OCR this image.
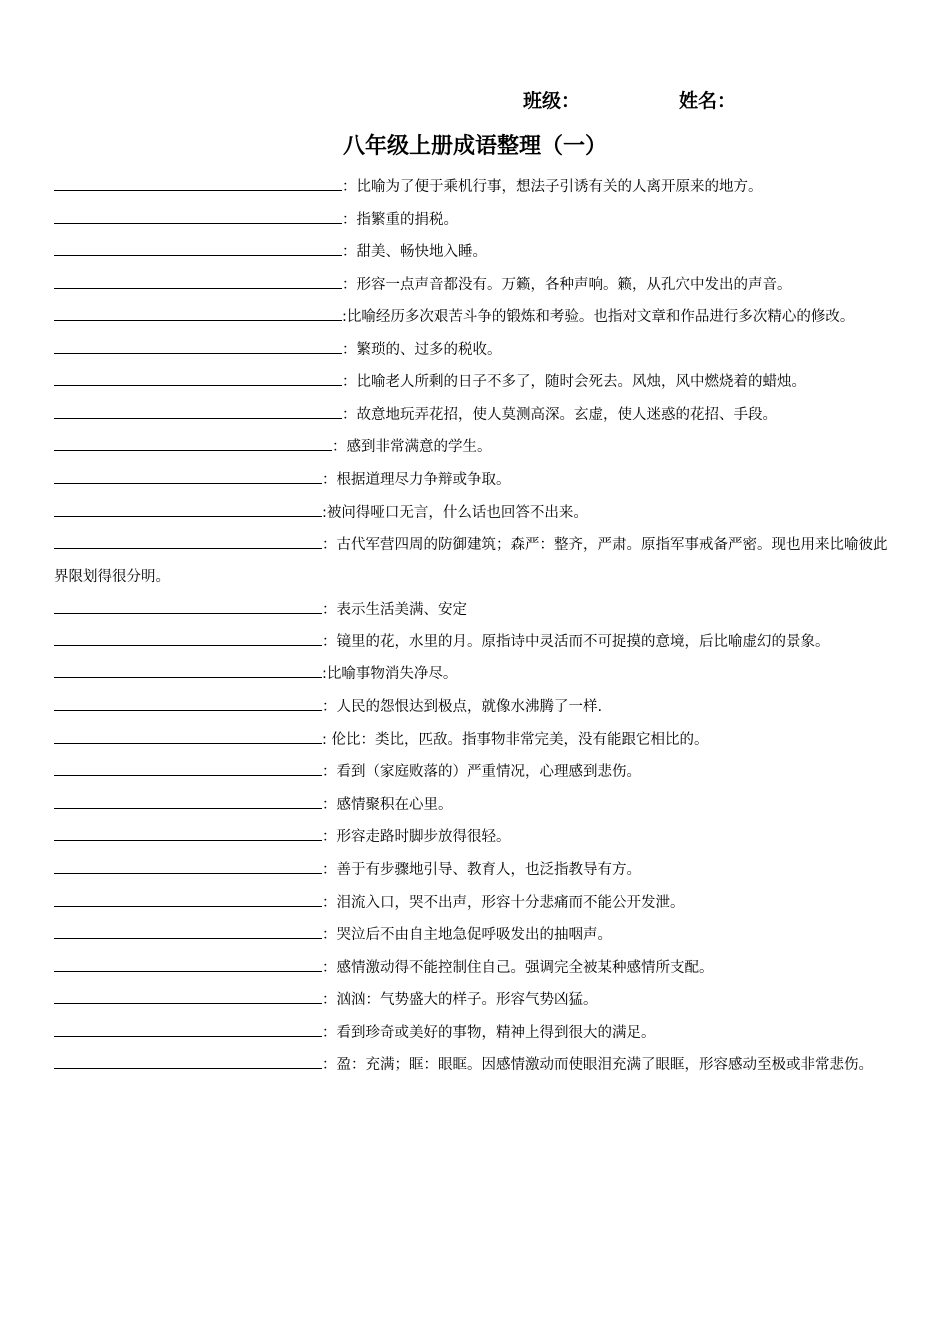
班级：	姓名：
八年级上册成语整理（一）
：比喻为了便于乘机行事，想法子引诱有关的人离开原来的地方。
：指繁重的捐税。
：甜美、畅快地入睡。
：形容一点声音都没有。万籁，各种声响。籁，从孔穴中发出的声音。
:比喻经历多次艰苦斗争的锻炼和考验。也指对文章和作品进行多次精心的修改。
：繁琐的、过多的税收。
：比喻老人所剩的日子不多了，随时会死去。风烛，风中燃烧着的蜡烛。
：故意地玩弄花招，使人莫测高深。玄虚，使人迷惑的花招、手段。
：感到非常满意的学生。
：根据道理尽力争辩或争取。
:被问得哑口无言，什么话也回答不出来。
：古代军营四周的防御建筑；森严：整齐，严肃。原指军事戒备严密。现也用来比喻彼此界限划得很分明。
：表示生活美满、安定
：镜里的花，水里的月。原指诗中灵活而不可捉摸的意境，后比喻虚幻的景象。
:比喻事物消失净尽。
：人民的怨恨达到极点，就像水沸腾了一样.
: 伦比：类比，匹敌。指事物非常完美，没有能跟它相比的。
：看到（家庭败落的）严重情况，心理感到悲伤。
：感情聚积在心里。
：形容走路时脚步放得很轻。
：善于有步骤地引导、教育人，也泛指教导有方。
：泪流入口，哭不出声，形容十分悲痛而不能公开发泄。
：哭泣后不由自主地急促呼吸发出的抽咽声。
：感情激动得不能控制住自己。强调完全被某种感情所支配。
：汹汹：气势盛大的样子。形容气势凶猛。
：看到珍奇或美好的事物，精神上得到很大的满足。
：盈：充满；眶：眼眶。因感情激动而使眼泪充满了眼眶，形容感动至极或非常悲伤。
